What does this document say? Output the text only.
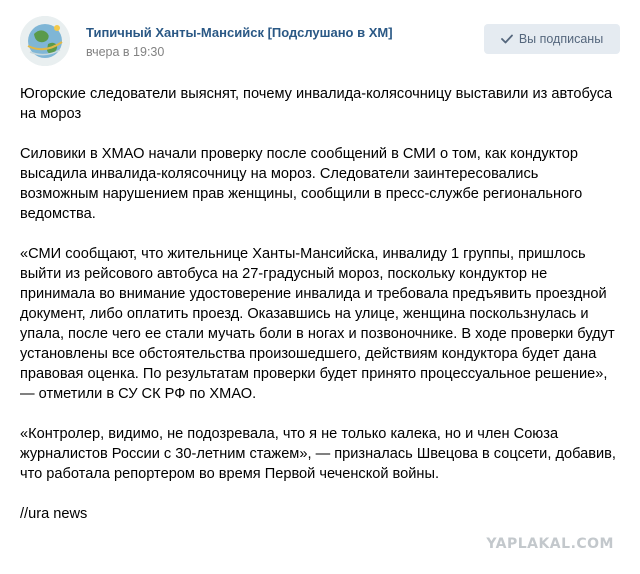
Типичный Ханты-Мансийск [Подслушано в ХМ]
вчера в 19:30
Вы подписаны

Югорские следователи выяснят, почему инвалида-колясочницу выставили из автобуса на мороз

Силовики в ХМАО начали проверку после сообщений в СМИ о том, как кондуктор высадила инвалида-колясочницу на мороз. Следователи заинтересовались возможным нарушением прав женщины, сообщили в пресс-службе регионального ведомства.

«СМИ сообщают, что жительнице Ханты-Мансийска, инвалиду 1 группы, пришлось выйти из рейсового автобуса на 27-градусный мороз, поскольку кондуктор не принимала во внимание удостоверение инвалида и требовала предъявить проездной документ, либо оплатить проезд. Оказавшись на улице, женщина поскользнулась и упала, после чего ее стали мучать боли в ногах и позвоночнике. В ходе проверки будут установлены все обстоятельства произошедшего, действиям кондуктора будет дана правовая оценка. По результатам проверки будет принято процессуальное решение», — отметили в СУ СК РФ по ХМАО.

«Контролер, видимо, не подозревала, что я не только калека, но и член Союза журналистов России с 30-летним стажем», — призналась Швецова в соцсети, добавив, что работала репортером во время Первой чеченской войны.

//ura news

YAPLAKAL.COM
